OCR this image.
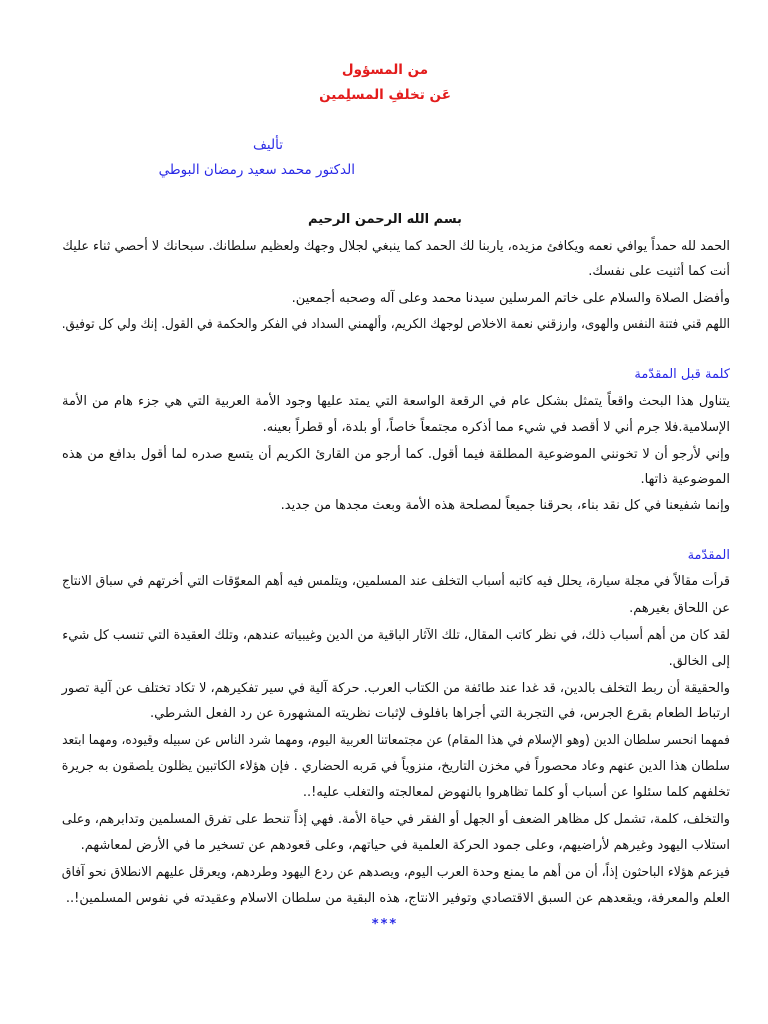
من المسؤول
عَن تخلفِ المسلِمين
تأليف
الدكتور محمد سعيد رمضان البوطي
بسم الله الرحمن الرحيم
الحمد لله حمداً يوافي نعمه ويكافئ مزيده، ياربنا لك الحمد كما ينبغي لجلال وجهك ولعظيم سلطانك. سبحانك لا أحصي ثناء عليك
أنت كما أثنيت على نفسك.
وأفضل الصلاة والسلام على خاتم المرسلين سيدنا محمد وعلى آله وصحبه أجمعين.
اللهم قني فتنة النفس والهوى، وارزقني نعمة الاخلاص لوجهك الكريم، وألهمني السداد في الفكر والحكمة في القول. إنك ولي كل توفيق.
كلمة قبل المقدّمة
يتناول هذا البحث واقعاً يتمثل بشكل عام في الرقعة الواسعة التي يمتد عليها وجود الأمة العربية التي هي جزء هام من الأمة
الإسلامية.فلا جرم أني لا أقصد في شيء مما أذكره مجتمعاً خاصاً، أو بلدة، أو قطراً بعينه.
وإني لأرجو أن لا تخونني الموضوعية المطلقة فيما أقول. كما أرجو من القارئ الكريم أن يتسع صدره لما أقول بدافع من هذه
الموضوعية ذاتها.
وإنما شفيعنا في كل نقد بناء، بحرقنا جميعاً لمصلحة هذه الأمة وبعث مجدها من جديد.
المقدّمة
قرأت مقالاً في مجلة سيارة، يحلل فيه كاتبه أسباب التخلف عند المسلمين، ويتلمس فيه أهم المعوّقات التي أخرتهم في سباق الانتاج
عن اللحاق بغيرهم.
لقد كان من أهم أسباب ذلك، في نظر كاتب المقال، تلك الآثار الباقية من الدين وغيبياته عندهم، وتلك العقيدة التي تنسب كل شيء
إلى الخالق.
والحقيقة أن ربط التخلف بالدين، قد غدا عند طائفة من الكتاب العرب. حركة آلية في سير تفكيرهم، لا تكاد تختلف عن آلية تصور
ارتباط الطعام بقرع الجرس، في التجربة التي أجراها بافلوف لإثبات نظريته المشهورة عن رد الفعل الشرطي.
فمهما انحسر سلطان الدين (وهو الإسلام في هذا المقام) عن مجتمعاتنا العربية اليوم، ومهما شرد الناس عن سبيله وقيوده، ومهما ابتعد
سلطان هذا الدين عنهم وعاد محصوراً في مخزن التاريخ، منزوياً في مَربه الحضاري . فإن هؤلاء الكاتبين يظلون يلصقون به جريرة
تخلفهم كلما سئلوا عن أسباب أو كلما تظاهروا بالنهوض لمعالجته والتغلب عليه!..
والتخلف، كلمة، تشمل كل مظاهر الضعف أو الجهل أو الفقر في حياة الأمة. فهي إذاً تنحط على تفرق المسلمين وتدابرهم، وعلى
استلاب اليهود وغيرهم لأراضيهم، وعلى جمود الحركة العلمية في حياتهم، وعلى قعودهم عن تسخير ما في الأرض لمعاشهم.
فيزعم هؤلاء الباحثون إذاً، أن من أهم ما يمنع وحدة العرب اليوم، ويصدهم عن ردع اليهود وطردهم، ويعرقل عليهم الانطلاق نحو آفاق
العلم والمعرفة، ويقعدهم عن السبق الاقتصادي وتوفير الانتاج، هذه البقية من سلطان الاسلام وعقيدته في نفوس المسلمين!..
***
